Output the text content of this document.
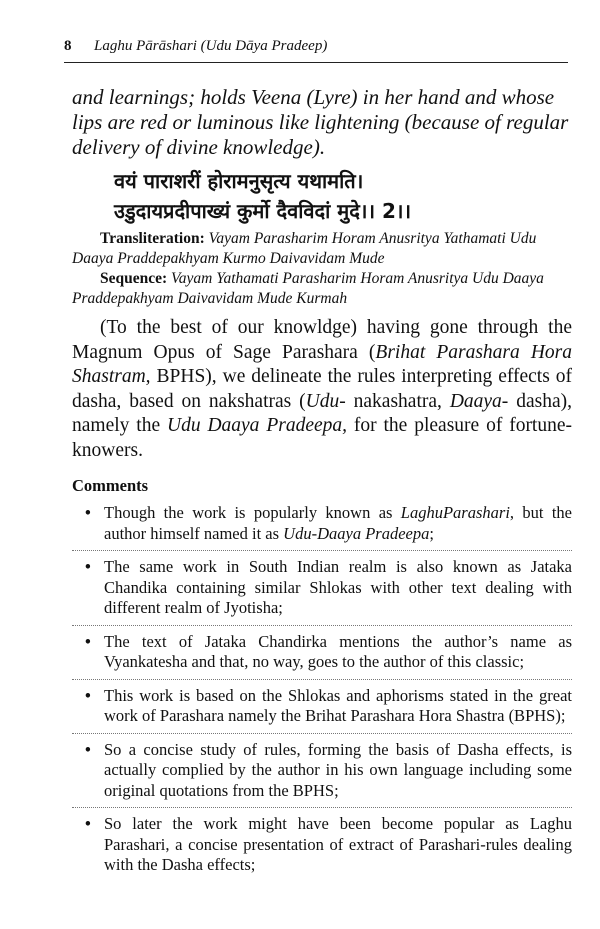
8 Laghu Pārāshari (Udu Dāya Pradeep)

and learnings; holds Veena (Lyre) in her hand and whose lips are red or luminous like lightening (because of regular delivery of divine knowledge).

वयं पाराशरीं होरामनुसृत्य यथामति।

उडुदायप्रदीपाख्यं कुर्मो दैवविदां मुदे।। 2।।

Transliteration: Vayam Parasharim Horam Anusritya Yathamati Udu Daaya Praddepakhyam Kurmo Daivavidam Mude

Sequence: Vayam Yathamati Parasharim Horam Anusritya Udu Daaya Praddepakhyam Daivavidam Mude Kurmah

(To the best of our knowldge) having gone through the Magnum Opus of Sage Parashara (Brihat Parashara Hora Shastram, BPHS), we delineate the rules interpreting effects of dasha, based on nakshatras (Udu- nakashatra, Daaya- dasha), namely the Udu Daaya Pradeepa, for the pleasure of fortune-knowers.

Comments
• Though the work is popularly known as LaghuParashari, but the author himself named it as Udu-Daaya Pradeepa;
• The same work in South Indian realm is also known as Jataka Chandika containing similar Shlokas with other text dealing with different realm of Jyotisha;
• The text of Jataka Chandirka mentions the author’s name as Vyankatesha and that, no way, goes to the author of this classic;
• This work is based on the Shlokas and aphorisms stated in the great work of Parashara namely the Brihat Parashara Hora Shastra (BPHS);
• So a concise study of rules, forming the basis of Dasha effects, is actually complied by the author in his own language including some original quotations from the BPHS;
• So later the work might have been become popular as Laghu Parashari, a concise presentation of extract of Parashari-rules dealing with the Dasha effects;
